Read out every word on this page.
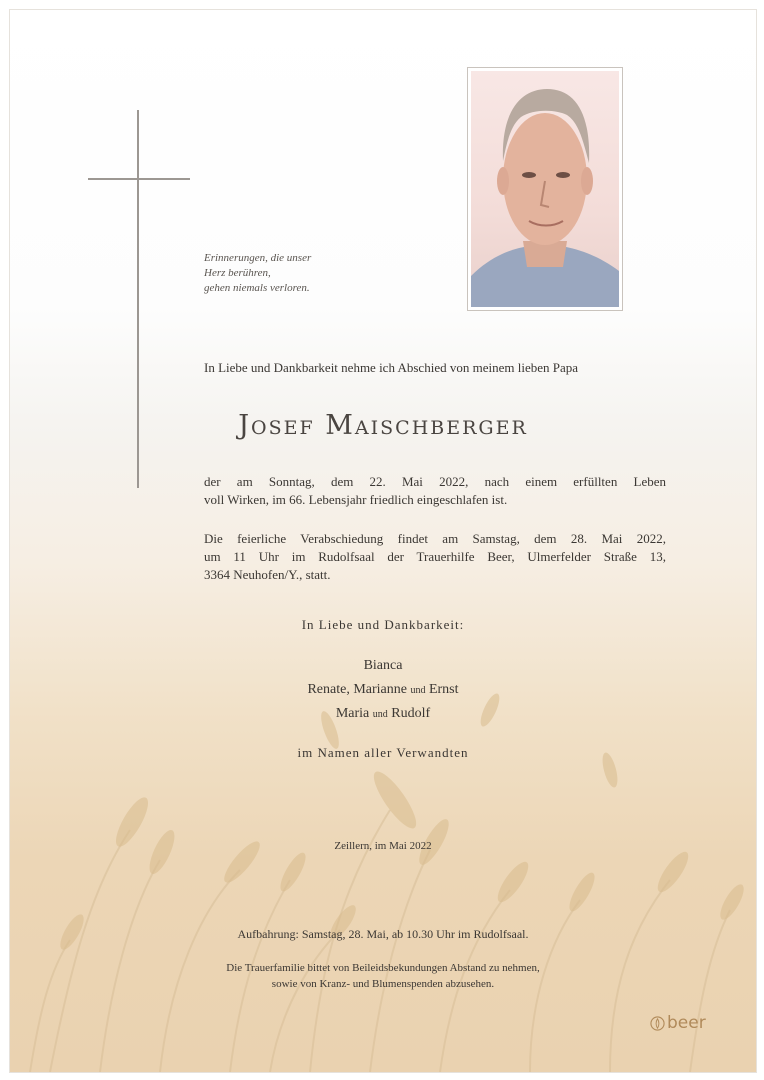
Erinnerungen, die unser
Herz berühren,
gehen niemals verloren.
In Liebe und Dankbarkeit nehme ich Abschied von meinem lieben Papa
Josef Maischberger
der am Sonntag, dem 22. Mai 2022, nach einem erfüllten Leben
voll Wirken, im 66. Lebensjahr friedlich eingeschlafen ist.
Die feierliche Verabschiedung findet am Samstag, dem 28. Mai 2022,
um 11 Uhr im Rudolfsaal der Trauerhilfe Beer, Ulmerfelder Straße 13,
3364 Neuhofen/Y., statt.
In Liebe und Dankbarkeit:
Bianca
Renate, Marianne und Ernst
Maria und Rudolf
im Namen aller Verwandten
Zeillern, im Mai 2022
Aufbahrung: Samstag, 28. Mai, ab 10.30 Uhr im Rudolfsaal.
Die Trauerfamilie bittet von Beileidsbekundungen Abstand zu nehmen,
sowie von Kranz- und Blumenspenden abzusehen.
beer
